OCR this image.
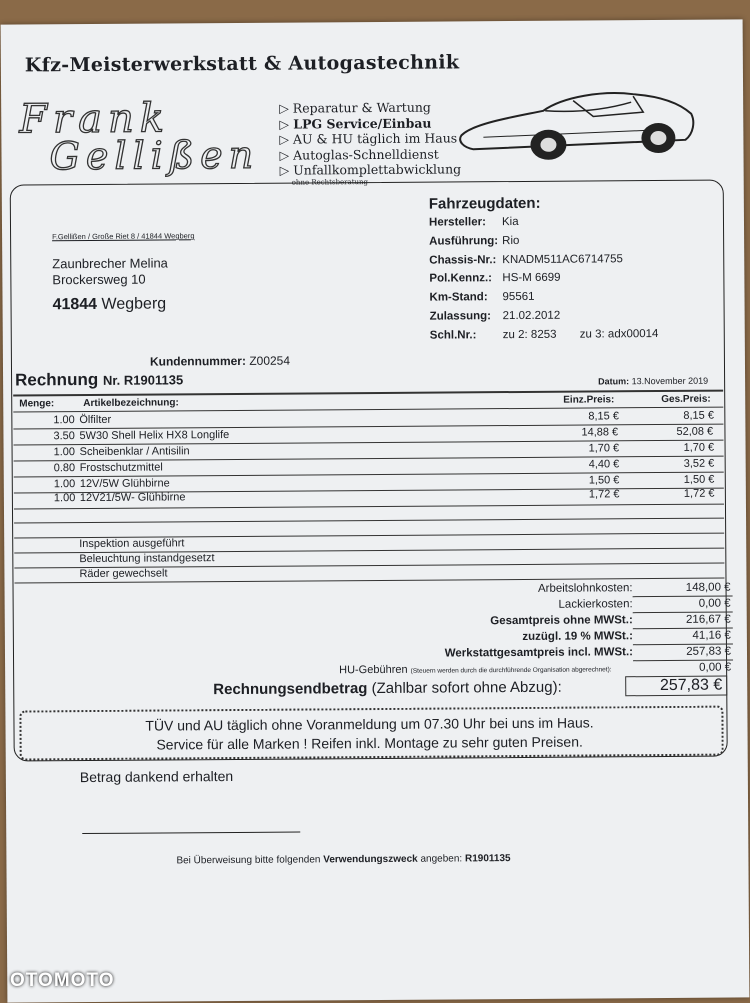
Kfz-Meisterwerkstatt & Autogastechnik
Frank
Gellißen
▷ Reparatur & Wartung
▷ LPG Service/Einbau
▷ AU & HU täglich im Haus
▷ Autoglas-Schnelldienst
▷ Unfallkomplettabwicklung
ohne Rechtsberatung
F.Gellißen / Große Riet 8 / 41844 Wegberg
Zaunbrecher Melina
Brockersweg 10
41844 Wegberg
Fahrzeugdaten:
Hersteller: Kia
Ausführung: Rio
Chassis-Nr.: KNADM511AC6714755
Pol.Kennz.: HS-M 6699
Km-Stand: 95561
Zulassung: 21.02.2012
Schl.Nr.: zu 2: 8253 zu 3: adx00014
Kundennummer: Z00254
Rechnung Nr. R1901135	Datum: 13.November 2019
Menge:	Artikelbezeichnung:	Einz.Preis:	Ges.Preis:
1.00 Ölfilter	8,15 €	8,15 €
3.50 5W30 Shell Helix HX8 Longlife	14,88 €	52,08 €
1.00 Scheibenklar / Antisilin	1,70 €	1,70 €
0.80 Frostschutzmittel	4,40 €	3,52 €
1.00 12V/5W Glühbirne	1,50 €	1,50 €
1.00 12V21/5W- Glühbirne	1,72 €	1,72 €
Inspektion ausgeführt
Beleuchtung instandgesetzt
Räder gewechselt
Arbeitslohnkosten:	148,00 €
Lackierkosten:	0,00 €
Gesamtpreis ohne MWSt.:	216,67 €
zuzügl. 19 % MWSt.:	41,16 €
Werkstattgesamtpreis incl. MWSt.:	257,83 €
HU-Gebühren (Steuern werden durch die durchführende Organisation abgerechnet):	0,00 €
Rechnungsendbetrag (Zahlbar sofort ohne Abzug):	257,83 €
TÜV und AU täglich ohne Voranmeldung um 07.30 Uhr bei uns im Haus.
Service für alle Marken ! Reifen inkl. Montage zu sehr guten Preisen.
Betrag dankend erhalten
Bei Überweisung bitte folgenden Verwendungszweck angeben: R1901135
OTOMOTO
